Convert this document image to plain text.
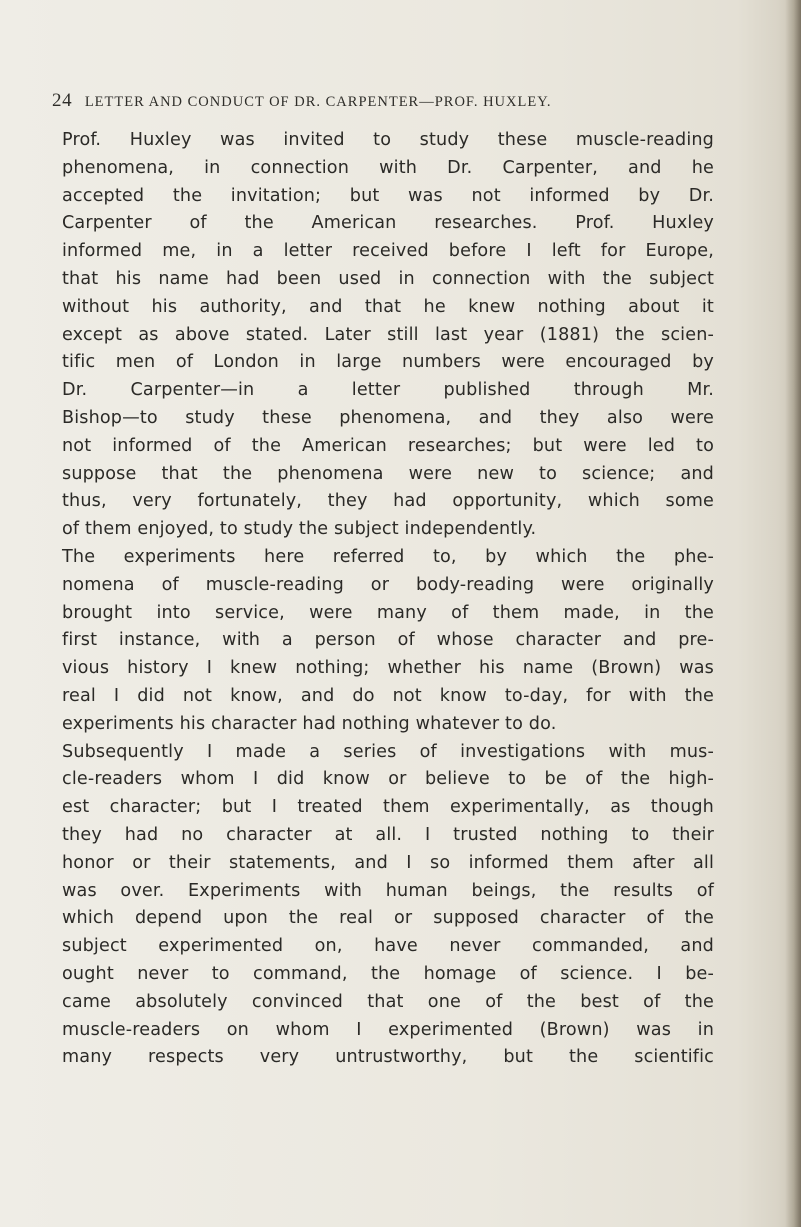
24 LETTER AND CONDUCT OF DR. CARPENTER—PROF. HUXLEY.
Prof. Huxley was invited to study these muscle-reading
phenomena, in connection with Dr. Carpenter, and he
accepted the invitation; but was not informed by Dr.
Carpenter of the American researches. Prof. Huxley
informed me, in a letter received before I left for Europe,
that his name had been used in connection with the subject
without his authority, and that he knew nothing about it
except as above stated. Later still last year (1881) the scien-
tific men of London in large numbers were encouraged by
Dr. Carpenter—in a letter published through Mr.
Bishop—to study these phenomena, and they also were
not informed of the American researches; but were led to
suppose that the phenomena were new to science; and
thus, very fortunately, they had opportunity, which some
of them enjoyed, to study the subject independently.
The experiments here referred to, by which the phe-
nomena of muscle-reading or body-reading were originally
brought into service, were many of them made, in the
first instance, with a person of whose character and pre-
vious history I knew nothing; whether his name (Brown) was
real I did not know, and do not know to-day, for with the
experiments his character had nothing whatever to do.
Subsequently I made a series of investigations with mus-
cle-readers whom I did know or believe to be of the high-
est character; but I treated them experimentally, as though
they had no character at all. I trusted nothing to their
honor or their statements, and I so informed them after all
was over. Experiments with human beings, the results of
which depend upon the real or supposed character of the
subject experimented on, have never commanded, and
ought never to command, the homage of science. I be-
came absolutely convinced that one of the best of the
muscle-readers on whom I experimented (Brown) was in
many respects very untrustworthy, but the scientific
